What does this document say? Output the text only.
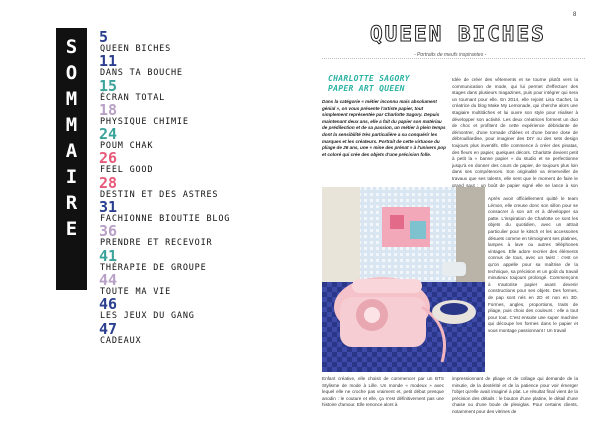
S
O
M
M
A
I
R
E
5
QUEEN BICHES
11
DANS TA BOUCHE
15
ÉCRAN TOTAL
18
PHYSIQUE CHIMIE
24
POUM CHAK
26
FEEL GOOD
28
DESTIN ET DES ASTRES
31
FACHIONNE BIOUTIE BLOG
36
PRENDRE ET RECEVOIR
41
THÉRAPIE DE GROUPE
44
TOUTE MA VIE
46
LES JEUX DU GANG
47
CADEAUX
8
QUEEN BICHES
- Portraits de meufs inspirantes -
CHARLOTTE SAGORY PAPER ART QUEEN
Dans la catégorie « métier inconnu mais absolument génial », on vous présente l'artiste papier, tout simplement représentée par Charlotte Sagory. Depuis maintenant deux ans, elle a fait du papier son matériau de prédilection et de sa passion, un métier à plein temps dont la sensibilité très particulière a su conquérir les marques et les créateurs. Portrait de cette virtuose du pliage de 26 ans, une « mine des prénat » à l'univers pop et coloré qui crée des objets d'une précision folle.
Idée de créer des vêtements et se tourne plutôt vers la communication de mode, qui lui permet d'effectuer des stages dans plusieurs magazines, puis pour intégrer qui sera un tournant pour elle. En 2014, elle rejoint Lisa Gachet, la créatrice du blog Make My Lemonade, qui cherche alors une stagiaire multitâches et lui ouvre son style pour réaliser à développer son activité. Les deux créatrices forment un duo de choc et profitent de cette expérience débridante de démontrer, d'une tornade d'idées et d'une bonne dose de débrouillardise, pour imaginer des DIY ou des sets design toujours plus inventifs. Elle commence à créer des pinatas, des fleurs en papier, quelques décors. Charlotte devient petit à petit la « banne papier » du studio et se perfectionne jusqu'à en donner des cours de papier, de toujours plus loin dans ses compétences. Son originalité va émerveiller de travaux que ses talents, elle sent que le moment de faire le grand saut : un boût de papier signé elle se lance à son
Après avoir officiellement quitté le team Lémon, elle creuse donc son sillon pour se consacrer à son art et à développer sa patte. L'inspiration de Charlotte ce sont les objets du quotidien, avec un attrait particulier pour le kitsch et les accessoires désuets comme en témoignent ses platines, lampes à lave ou autres téléphones vintages. Elle adore recréer des éléments connus de tous, avec un twist : c'est ce qu'on appelle pour sa maîtrise de la technique, sa précision et un goût du travail minutieux toujours prolongé. Commençons à s'autorise papier avant devenir constructions pour ses objets. Des formes, de pap sont nés en 2D et non en 3D. Formes, angles, proportions, traits de pliage, puis choix des couleurs : elle a tout pour tout. C'est ensuite une super machine qui découpe les formes dans le papier et vous montage passionnant ! Un travail
Enfant créative, elle choisit de commencer par un BTS Stylisme de mode à Lille. Un monde « modeux » avec lequel elle ne croche pas vraiment et, petit début presque anodin : le couture et elle, ça n'est définitivement pas une histoire d'amour. Elle renonce alors à
impressionnant de pliage et de collage qui demande de la minutie, de la dextérité et de la patience pour voir émerger l'objet qu'elle avait imaginé à plat. Le résultat final vient de la précision des détails : le bouton d'une platine, le détail d'une chaise ou d'une boule de plexiglas. Pour certains clients, notamment pour des vitrines de
